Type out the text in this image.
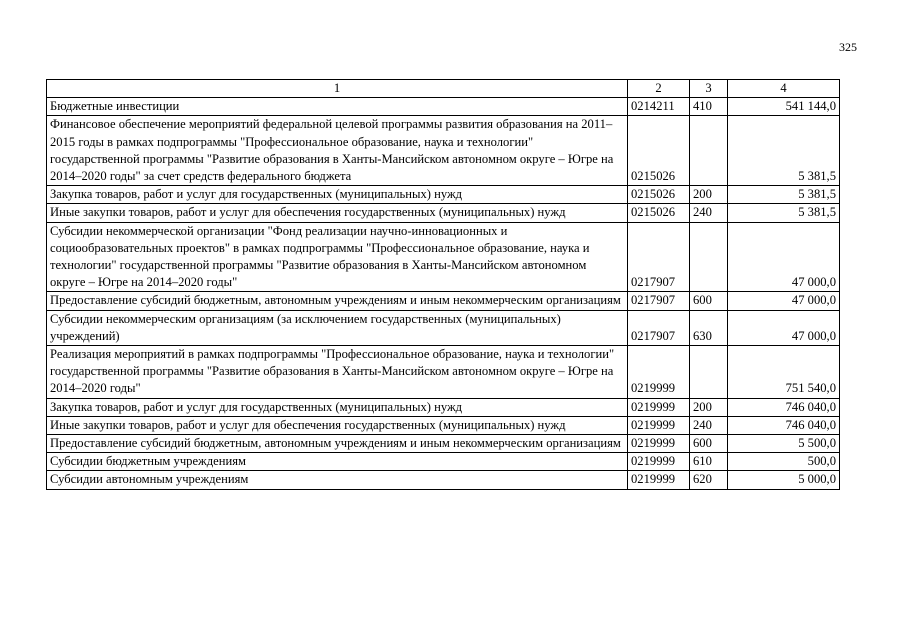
325
1	2	3	4
Бюджетные инвестиции	0214211	410	541 144,0
Финансовое обеспечение мероприятий федеральной целевой программы развития образования на 2011–2015 годы в рамках подпрограммы "Профессиональное образование, наука и технологии" государственной программы "Развитие образования в Ханты-Мансийском автономном округе – Югре на 2014–2020 годы" за счет средств федерального бюджета	0215026		5 381,5
Закупка товаров, работ и услуг для государственных (муниципальных) нужд	0215026	200	5 381,5
Иные закупки товаров, работ и услуг для обеспечения государственных (муниципальных) нужд	0215026	240	5 381,5
Субсидии некоммерческой организации "Фонд реализации научно-инновационных и социообразовательных проектов" в рамках подпрограммы "Профессиональное образование, наука и технологии" государственной программы "Развитие образования в Ханты-Мансийском автономном округе – Югре на 2014–2020 годы"	0217907		47 000,0
Предоставление субсидий бюджетным, автономным учреждениям и иным некоммерческим организациям	0217907	600	47 000,0
Субсидии некоммерческим организациям (за исключением государственных (муниципальных) учреждений)	0217907	630	47 000,0
Реализация мероприятий в рамках подпрограммы "Профессиональное образование, наука и технологии" государственной программы "Развитие образования в Ханты-Мансийском автономном округе – Югре на 2014–2020 годы"	0219999		751 540,0
Закупка товаров, работ и услуг для государственных (муниципальных) нужд	0219999	200	746 040,0
Иные закупки товаров, работ и услуг для обеспечения государственных (муниципальных) нужд	0219999	240	746 040,0
Предоставление субсидий бюджетным, автономным учреждениям и иным некоммерческим организациям	0219999	600	5 500,0
Субсидии бюджетным учреждениям	0219999	610	500,0
Субсидии автономным учреждениям	0219999	620	5 000,0
